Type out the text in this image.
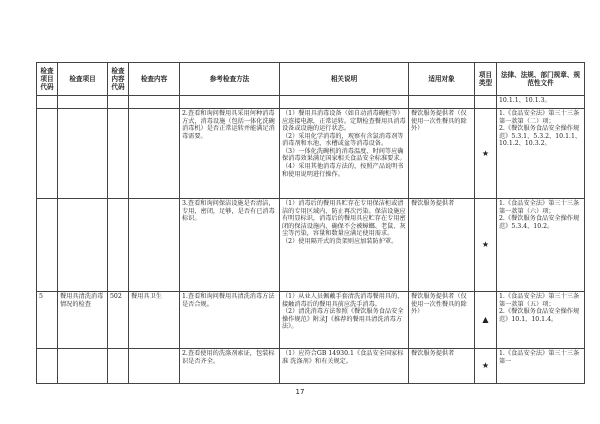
检查项目代码	检查项目	检查内容代码	检查内容	参考检查方法	相关说明	适用对象	项目类型	法律、法规、部门规章、规范性文件
								10.1.1、10.1.3。
				2.查看和询问餐用具采用何种消毒方式，消毒设施（包括一体化洗碗消毒机）是否正常运转并能满足消毒需要。	（1）餐用具消毒设备（如自动消毒碗柜等）应连接电源，正常运转。定期检查餐用具消毒设备或设施的运行状态。
（2）采用化学消毒的，观察有含氯消毒剂等消毒剂和水池、水槽或盆等消毒设备。
（3）一体化洗碗机的消毒温度、时间等应确保消毒效果满足国家相关食品安全标准要求。
（4）采用其他消毒方法的，按照产品说明书和使用说明进行操作。	餐饮服务提供者（仅使用一次性餐具的除外）	★	1.《食品安全法》第三十三条第一款第（二）项；
2.《餐饮服务食品安全操作规范》5.3.1、5.3.2、10.1.1、10.1.2、10.3.2。
				3.查看和询问保洁设施是否清洁，专用，密闭，足够，是否有已消毒标识。	（1）消毒后的餐用具贮存在专用保洁柜或清洁的专用区域内，防止再次污染。保洁设施应有明显标识，消毒后的餐用具应贮存在专用密闭的保洁设施内，确保不会被蟑螂、老鼠、灰尘等污染，容量和数量应满足使用需求。
（2）使用隔开式的货架则应加装防护罩。	餐饮服务提供者	★	1.《食品安全法》第三十三条第一款第（六）项；
2.《餐饮服务食品安全操作规范》5.3.4、10.2。
5	餐用具清洗消毒情况的检查	502	餐用具卫生	1.查看和询问餐用具清洗消毒方法是否合规。	（1）从业人员佩戴手套清洗消毒餐用具的，接触消毒后的餐用具前应洗手消毒。
（2）清洗消毒方法参照《餐饮服务食品安全操作规范》附录J《推荐的餐用具清洗消毒方法》。	餐饮服务提供者（仅使用一次性餐具的除外）	▲	1.《食品安全法》第三十三条第一款第（五）项；
2.《餐饮服务食品安全操作规范》10.1、10.1.4。
				2.查看使用的洗涤剂索证，包装标识是否齐全。	（1）应符合GB 14930.1《食品安全国家标准 洗涤剂》和有关规定。	餐饮服务提供者	★	1.《食品安全法》第三十三条第一
17
